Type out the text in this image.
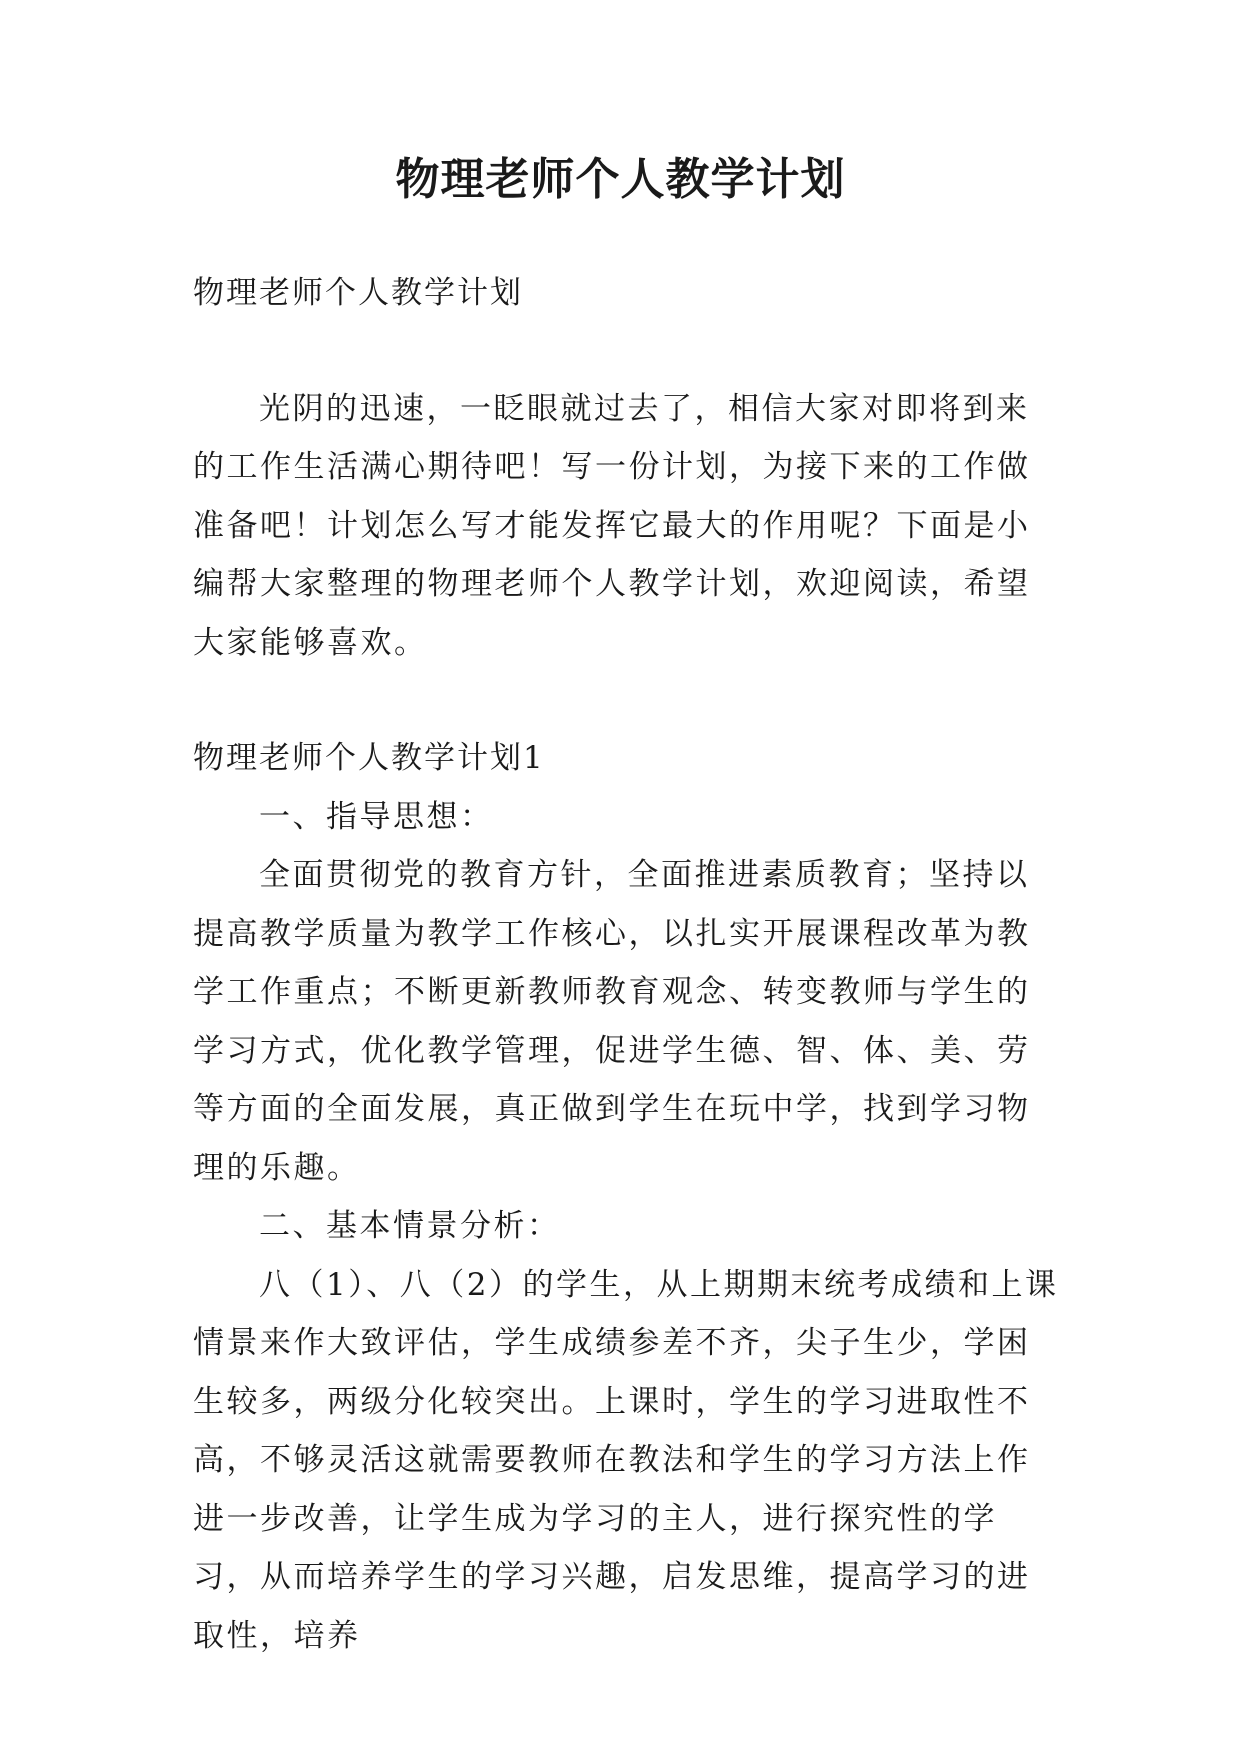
物理老师个人教学计划

物理老师个人教学计划

光阴的迅速，一眨眼就过去了，相信大家对即将到来的工作生活满心期待吧！写一份计划，为接下来的工作做准备吧！计划怎么写才能发挥它最大的作用呢？下面是小编帮大家整理的物理老师个人教学计划，欢迎阅读，希望大家能够喜欢。

物理老师个人教学计划1

一、指导思想：

全面贯彻党的教育方针，全面推进素质教育；坚持以提高教学质量为教学工作核心，以扎实开展课程改革为教学工作重点；不断更新教师教育观念、转变教师与学生的学习方式，优化教学管理，促进学生德、智、体、美、劳等方面的全面发展，真正做到学生在玩中学，找到学习物理的乐趣。

二、基本情景分析：

八（1）、八（2）的学生，从上期期末统考成绩和上课情景来作大致评估，学生成绩参差不齐，尖子生少，学困生较多，两级分化较突出。上课时，学生的学习进取性不高，不够灵活这就需要教师在教法和学生的学习方法上作进一步改善，让学生成为学习的主人，进行探究性的学习，从而培养学生的学习兴趣，启发思维，提高学习的进取性，培养
